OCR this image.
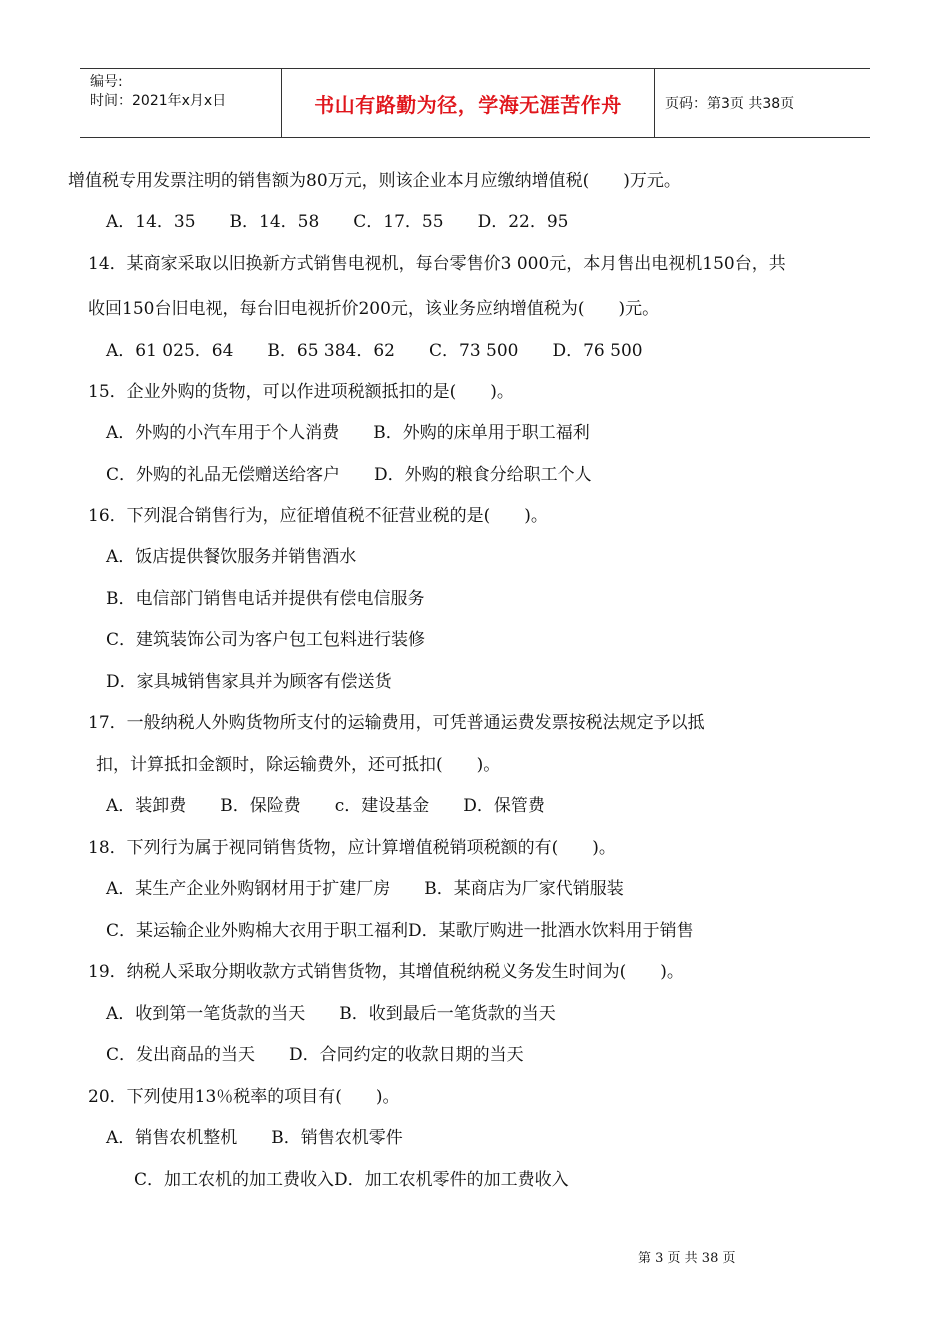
编号:
时间：2021年x月x日	书山有路勤为径，学海无涯苦作舟	页码：第3页 共38页
增值税专用发票注明的销售额为80万元，则该企业本月应缴纳增值税(　　)万元。
A．14．35　　B．14．58　　C．17．55　　D．22．95
14．某商家采取以旧换新方式销售电视机，每台零售价3 000元，本月售出电视机150台，共
收回150台旧电视，每台旧电视折价200元，该业务应纳增值税为(　　)元。
A．61 025．64　　B．65 384．62　　C．73 500　　D．76 500
15．企业外购的货物，可以作进项税额抵扣的是(　　)。
A．外购的小汽车用于个人消费　　B．外购的床单用于职工福利
C．外购的礼品无偿赠送给客户　　D．外购的粮食分给职工个人
16．下列混合销售行为，应征增值税不征营业税的是(　　)。
A．饭店提供餐饮服务并销售酒水
B．电信部门销售电话并提供有偿电信服务
C．建筑装饰公司为客户包工包料进行装修
D．家具城销售家具并为顾客有偿送货
17．一般纳税人外购货物所支付的运输费用，可凭普通运费发票按税法规定予以抵
扣，计算抵扣金额时，除运输费外，还可抵扣(　　)。
A．装卸费　　B．保险费　　c．建设基金　　D．保管费
18．下列行为属于视同销售货物，应计算增值税销项税额的有(　　)。
A．某生产企业外购钢材用于扩建厂房　　B．某商店为厂家代销服装
C．某运输企业外购棉大衣用于职工福利D．某歌厅购进一批酒水饮料用于销售
19．纳税人采取分期收款方式销售货物，其增值税纳税义务发生时间为(　　)。
A．收到第一笔货款的当天　　B．收到最后一笔货款的当天
C．发出商品的当天　　D．合同约定的收款日期的当天
20．下列使用13％税率的项目有(　　)。
A．销售农机整机　　B．销售农机零件
C．加工农机的加工费收入D．加工农机零件的加工费收入
第 3 页 共 38 页
